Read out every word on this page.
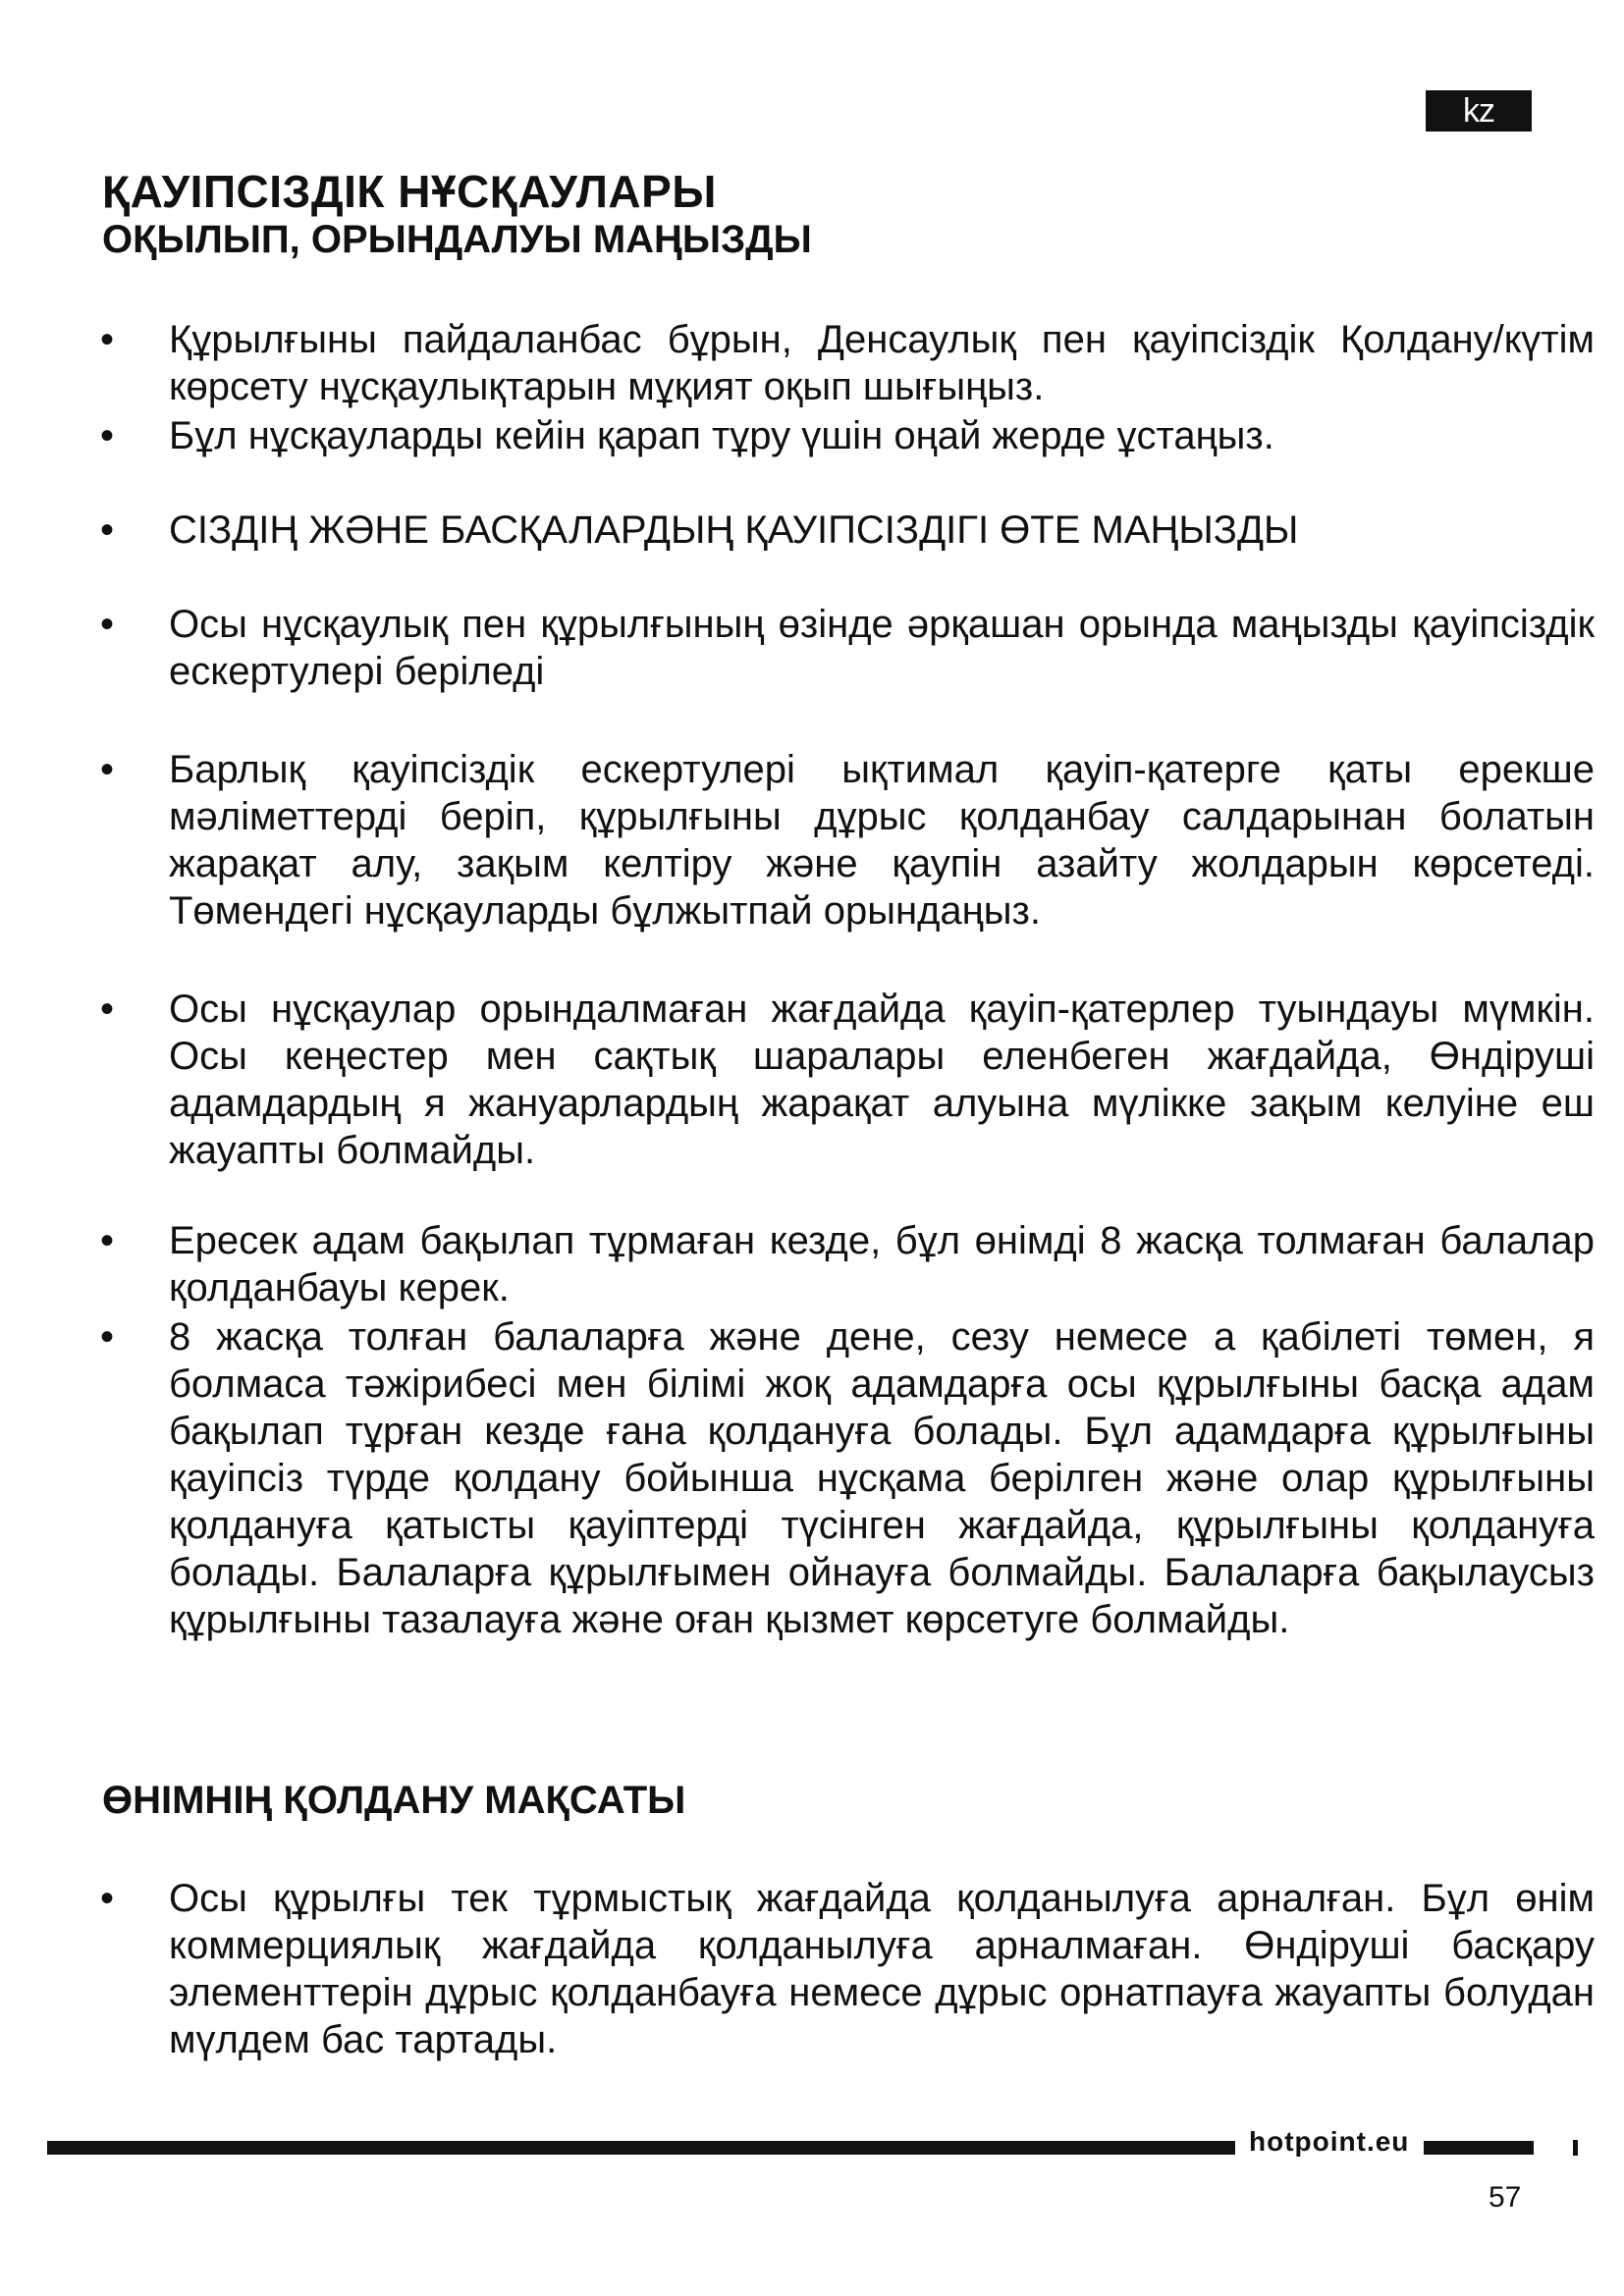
kz
ҚАУІПСІЗДІК НҰСҚАУЛАРЫ
ОҚЫЛЫП, ОРЫНДАЛУЫ МАҢЫЗДЫ
• Құрылғыны пайдаланбас бұрын, Денсаулық пен қауіпсіздік Қолдану/күтім көрсету нұсқаулықтарын мұқият оқып шығыңыз.
• Бұл нұсқауларды кейін қарап тұру үшін оңай жерде ұстаңыз.
• СІЗДІҢ ЖӘНЕ БАСҚАЛАРДЫҢ ҚАУІПСІЗДІГІ ӨТЕ МАҢЫЗДЫ
• Осы нұсқаулық пен құрылғының өзінде әрқашан орында маңызды қауіпсіздік ескертулері беріледі
• Барлық қауіпсіздік ескертулері ықтимал қауіп-қатерге қаты ерекше мәліметтерді беріп, құрылғыны дұрыс қолданбау салдарынан болатын жарақат алу, зақым келтіру және қаупін азайту жолдарын көрсетеді. Төмендегі нұсқауларды бұлжытпай орындаңыз.
• Осы нұсқаулар орындалмаған жағдайда қауіп-қатерлер туындауы мүмкін. Осы кеңестер мен сақтық шаралары еленбеген жағдайда, Өндіруші адамдардың я жануарлардың жарақат алуына мүлікке зақым келуіне еш жауапты болмайды.
• Ересек адам бақылап тұрмаған кезде, бұл өнімді 8 жасқа толмаған балалар қолданбауы керек.
• 8 жасқа толған балаларға және дене, сезу немесе а қабілеті төмен, я болмаса тәжірибесі мен білімі жоқ адамдарға осы құрылғыны басқа адам бақылап тұрған кезде ғана қолдануға болады. Бұл адамдарға құрылғыны қауіпсіз түрде қолдану бойынша нұсқама берілген және олар құрылғыны қолдануға қатысты қауіптерді түсінген жағдайда, құрылғыны қолдануға болады. Балаларға құрылғымен ойнауға болмайды. Балаларға бақылаусыз құрылғыны тазалауға және оған қызмет көрсетуге болмайды.
ӨНІМНІҢ ҚОЛДАНУ МАҚСАТЫ
• Осы құрылғы тек тұрмыстық жағдайда қолданылуға арналған. Бұл өнім коммерциялық жағдайда қолданылуға арналмаған. Өндіруші басқару элементтерін дұрыс қолданбауға немесе дұрыс орнатпауға жауапты болудан мүлдем бас тартады.
hotpoint.eu
57
